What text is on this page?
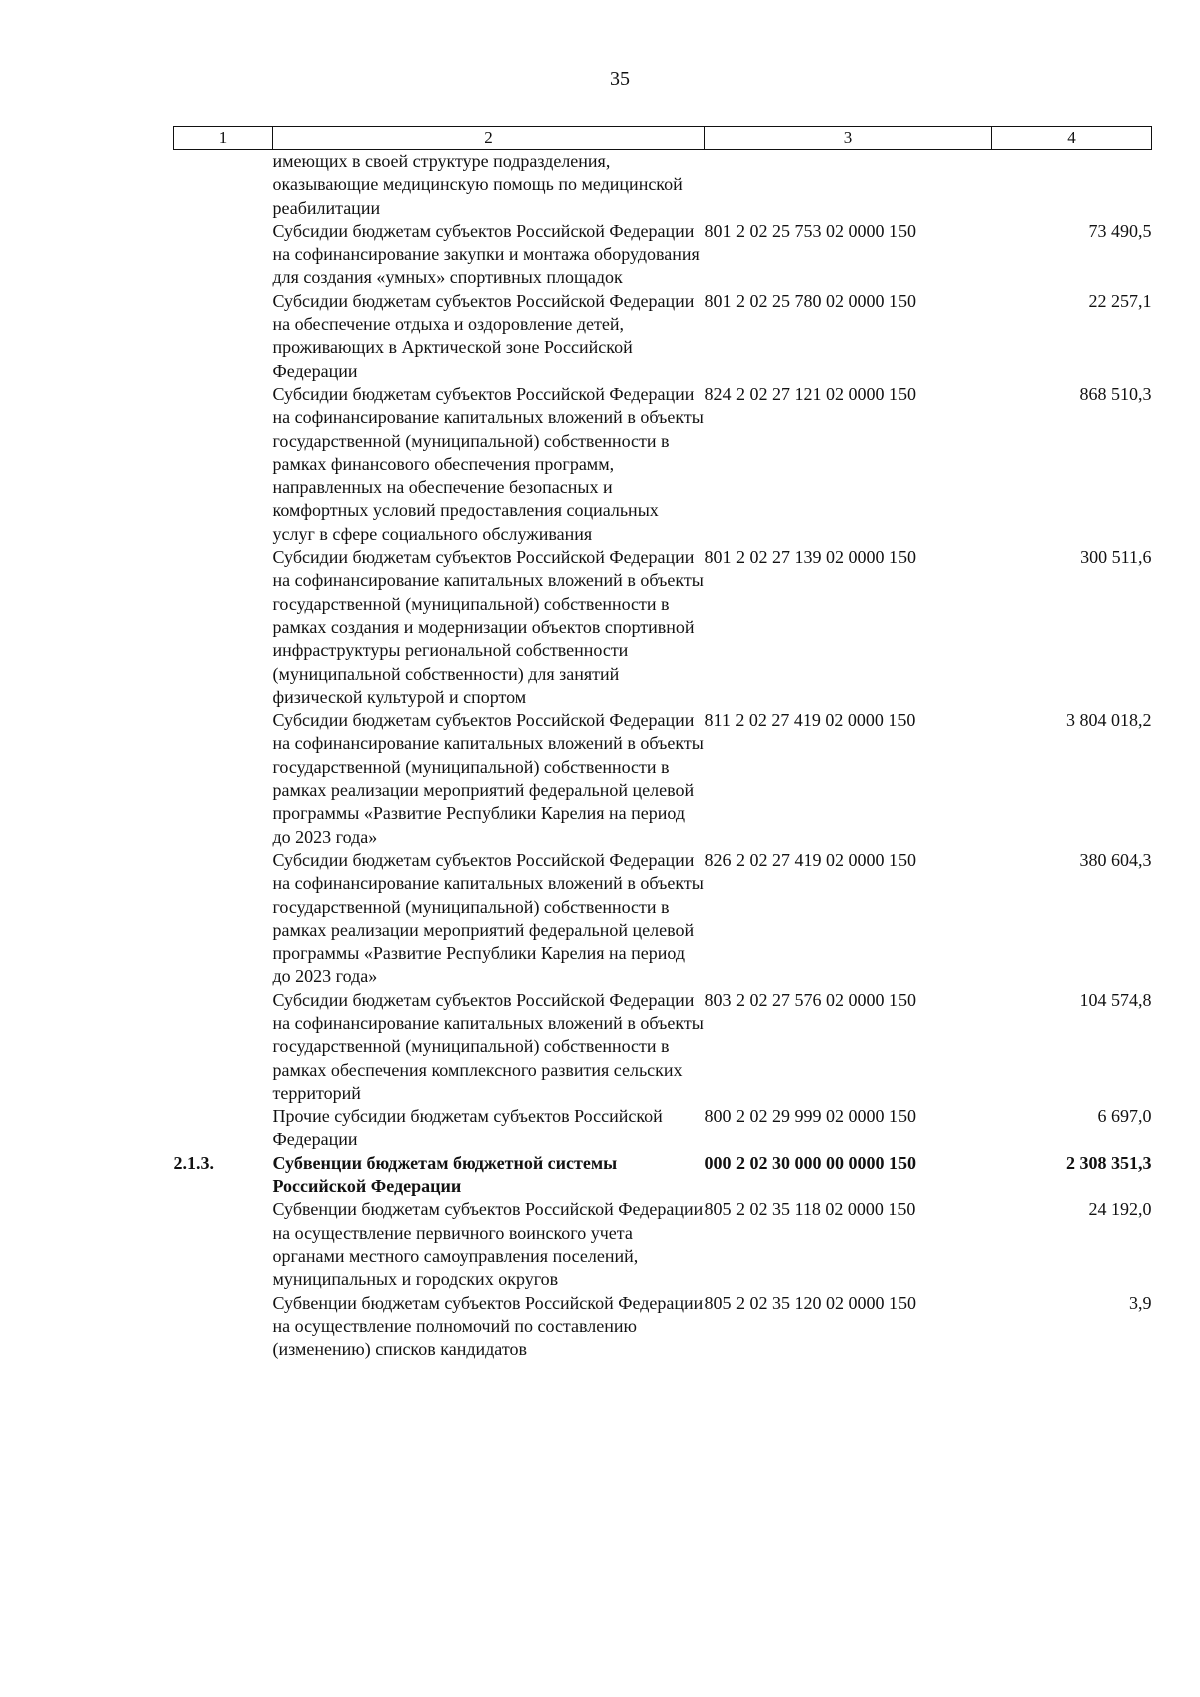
35
1	2	3	4
	имеющих в своей структуре подразделения, оказывающие медицинскую помощь по медицинской реабилитации		
	Субсидии бюджетам субъектов Российской Федерации на софинансирование закупки и монтажа оборудования для создания «умных» спортивных площадок	801 2 02 25 753 02 0000 150	73 490,5
	Субсидии бюджетам субъектов Российской Федерации на обеспечение отдыха и оздоровление детей, проживающих в Арктической зоне Российской Федерации	801 2 02 25 780 02 0000 150	22 257,1
	Субсидии бюджетам субъектов Российской Федерации на софинансирование капитальных вложений в объекты государственной (муниципальной) собственности в рамках финансового обеспечения программ, направленных на обеспечение безопасных и комфортных условий предоставления социальных услуг в сфере социального обслуживания	824 2 02 27 121 02 0000 150	868 510,3
	Субсидии бюджетам субъектов Российской Федерации на софинансирование капитальных вложений в объекты государственной (муниципальной) собственности в рамках создания и модернизации объектов спортивной инфраструктуры региональной собственности (муниципальной собственности) для занятий физической культурой и спортом	801 2 02 27 139 02 0000 150	300 511,6
	Субсидии бюджетам субъектов Российской Федерации на софинансирование капитальных вложений в объекты государственной (муниципальной) собственности в рамках реализации мероприятий федеральной целевой программы «Развитие Республики Карелия на период до 2023 года»	811 2 02 27 419 02 0000 150	3 804 018,2
	Субсидии бюджетам субъектов Российской Федерации на софинансирование капитальных вложений в объекты государственной (муниципальной) собственности в рамках реализации мероприятий федеральной целевой программы «Развитие Республики Карелия на период до 2023 года»	826 2 02 27 419 02 0000 150	380 604,3
	Субсидии бюджетам субъектов Российской Федерации на софинансирование капитальных вложений в объекты государственной (муниципальной) собственности в рамках обеспечения комплексного развития сельских территорий	803 2 02 27 576 02 0000 150	104 574,8
	Прочие субсидии бюджетам субъектов Российской Федерации	800 2 02 29 999 02 0000 150	6 697,0
2.1.3.	Субвенции бюджетам бюджетной системы Российской Федерации	000 2 02 30 000 00 0000 150	2 308 351,3
	Субвенции бюджетам субъектов Российской Федерации на осуществление первичного воинского учета органами местного самоуправления поселений, муниципальных и городских округов	805 2 02 35 118 02 0000 150	24 192,0
	Субвенции бюджетам субъектов Российской Федерации на осуществление полномочий по составлению (изменению) списков кандидатов	805 2 02 35 120 02 0000 150	3,9
